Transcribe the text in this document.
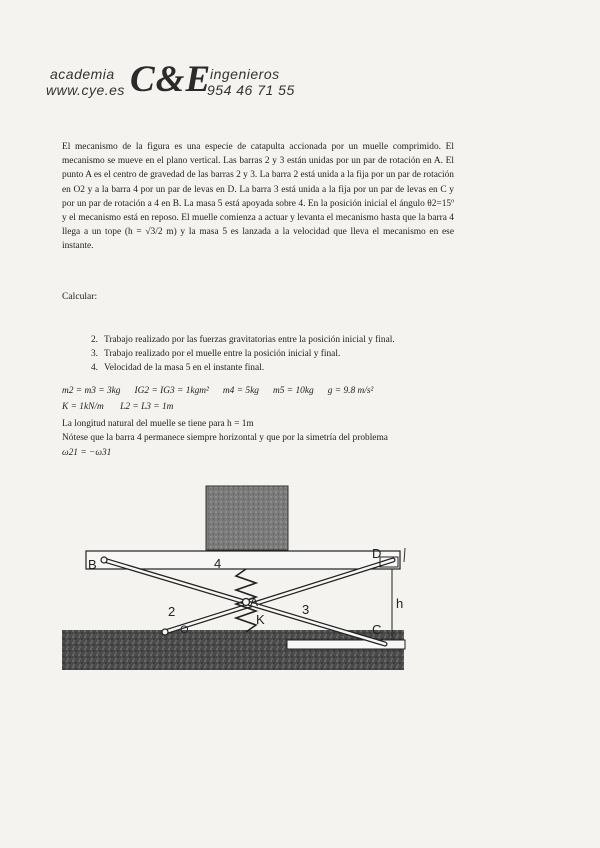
academia
www.cye.es C&E
ingenieros
954 46 71 55
El mecanismo de la figura es una especie de catapulta accionada por un muelle comprimido. El mecanismo se mueve en el plano vertical. Las barras 2 y 3 están unidas por un par de rotación en A. El punto A es el centro de gravedad de las barras 2 y 3. La barra 2 está unida a la fija por un par de rotación en O2 y a la barra 4 por un par de levas en D. La barra 3 está unida a la fija por un par de levas en C y por un par de rotación a 4 en B. La masa 5 está apoyada sobre 4. En la posición inicial el ángulo θ2=15º y el mecanismo está en reposo. El muelle comienza a actuar y levanta el mecanismo hasta que la barra 4 llega a un tope (h = √3/2 m) y la masa 5 es lanzada a la velocidad que lleva el mecanismo en ese instante.
Calcular:
2. Trabajo realizado por las fuerzas gravitatorias entre la posición inicial y final.
3. Trabajo realizado por el muelle entre la posición inicial y final.
4. Velocidad de la masa 5 en el instante final.
m2 = m3 = 3kg      IG2 = IG3 = 1kgm²      m4 = 5kg      m5 = 10kg      g = 9.8 m/s²
K = 1kN/m       L2 = L3 = 1m
La longitud natural del muelle se tiene para h = 1m
Nótese que la barra 4 permanece siempre horizontal y que por la simetría del problema
ω21 = −ω31
B
D
4
A
K
2	3
C
O
h
